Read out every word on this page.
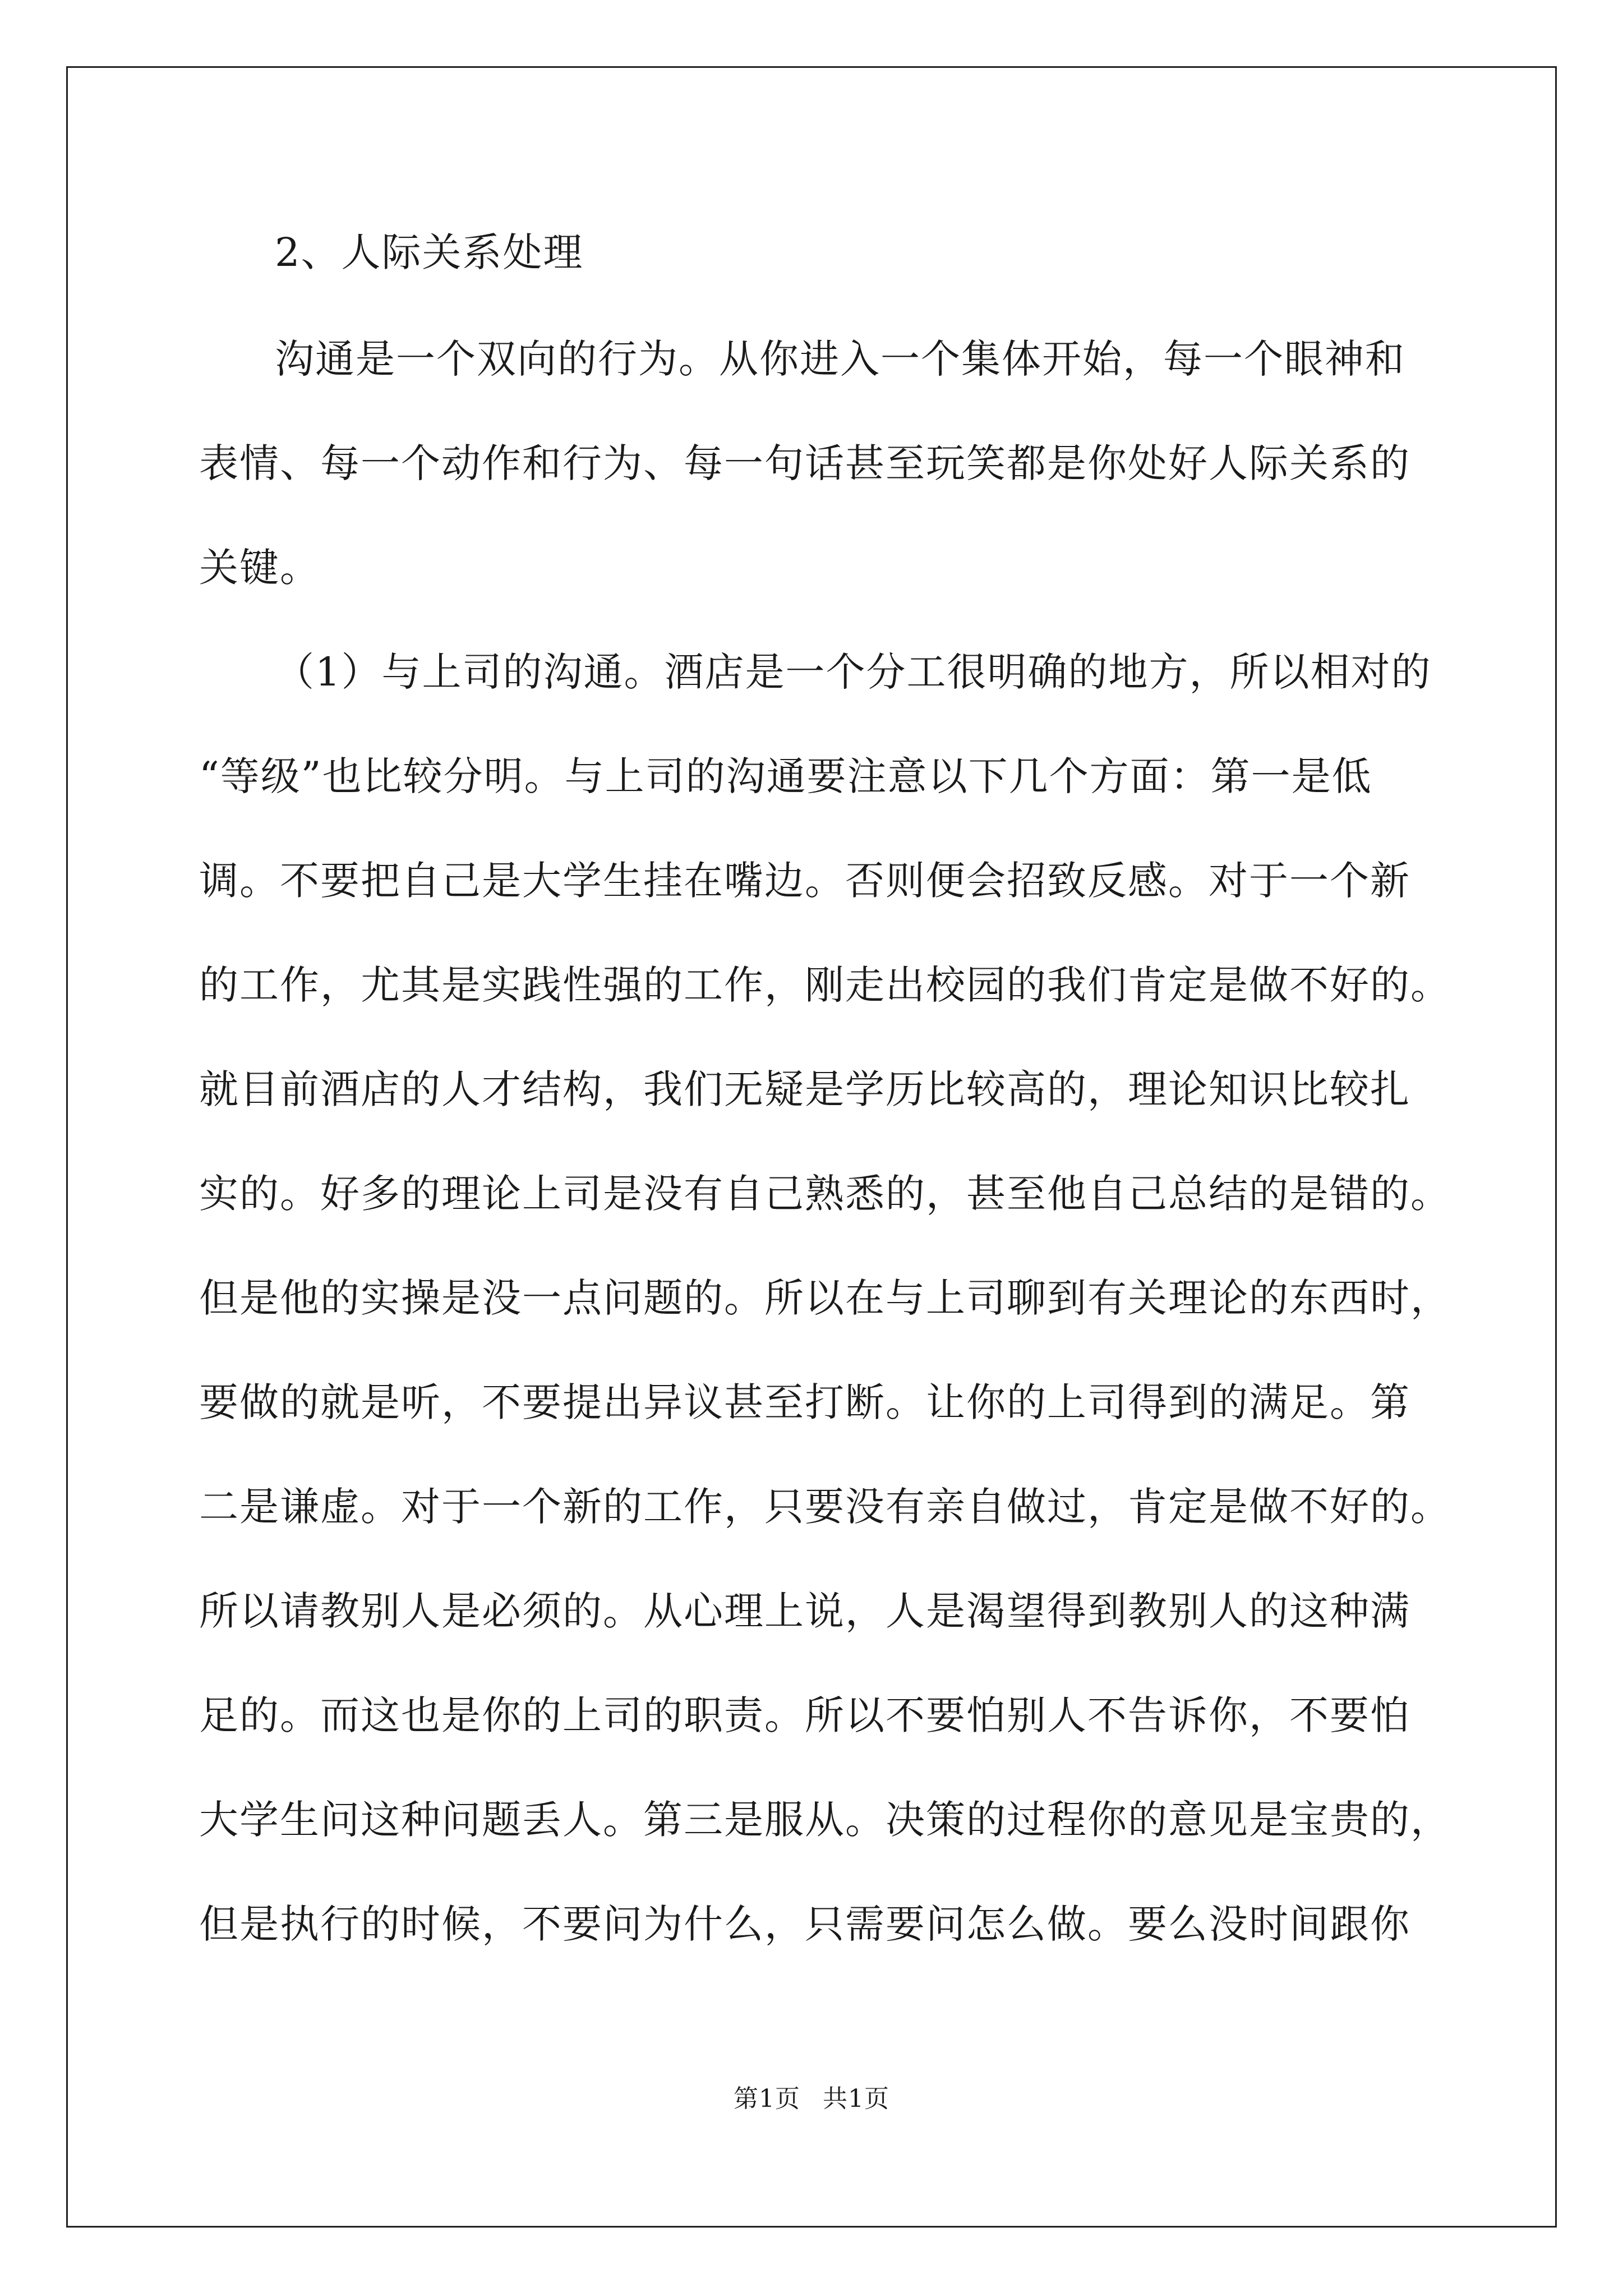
2、人际关系处理
沟通是一个双向的行为。从你进入一个集体开始，每一个眼神和
表情、每一个动作和行为、每一句话甚至玩笑都是你处好人际关系的
关键。
（1）与上司的沟通。酒店是一个分工很明确的地方，所以相对的
“等级”也比较分明。与上司的沟通要注意以下几个方面：第一是低
调。不要把自己是大学生挂在嘴边。否则便会招致反感。对于一个新
的工作，尤其是实践性强的工作，刚走出校园的我们肯定是做不好的。
就目前酒店的人才结构，我们无疑是学历比较高的，理论知识比较扎
实的。好多的理论上司是没有自己熟悉的，甚至他自己总结的是错的。
但是他的实操是没一点问题的。所以在与上司聊到有关理论的东西时，
要做的就是听，不要提出异议甚至打断。让你的上司得到的满足。第
二是谦虚。对于一个新的工作，只要没有亲自做过，肯定是做不好的。
所以请教别人是必须的。从心理上说，人是渴望得到教别人的这种满
足的。而这也是你的上司的职责。所以不要怕别人不告诉你，不要怕
大学生问这种问题丢人。第三是服从。决策的过程你的意见是宝贵的，
但是执行的时候，不要问为什么，只需要问怎么做。要么没时间跟你
第1页 共1页
